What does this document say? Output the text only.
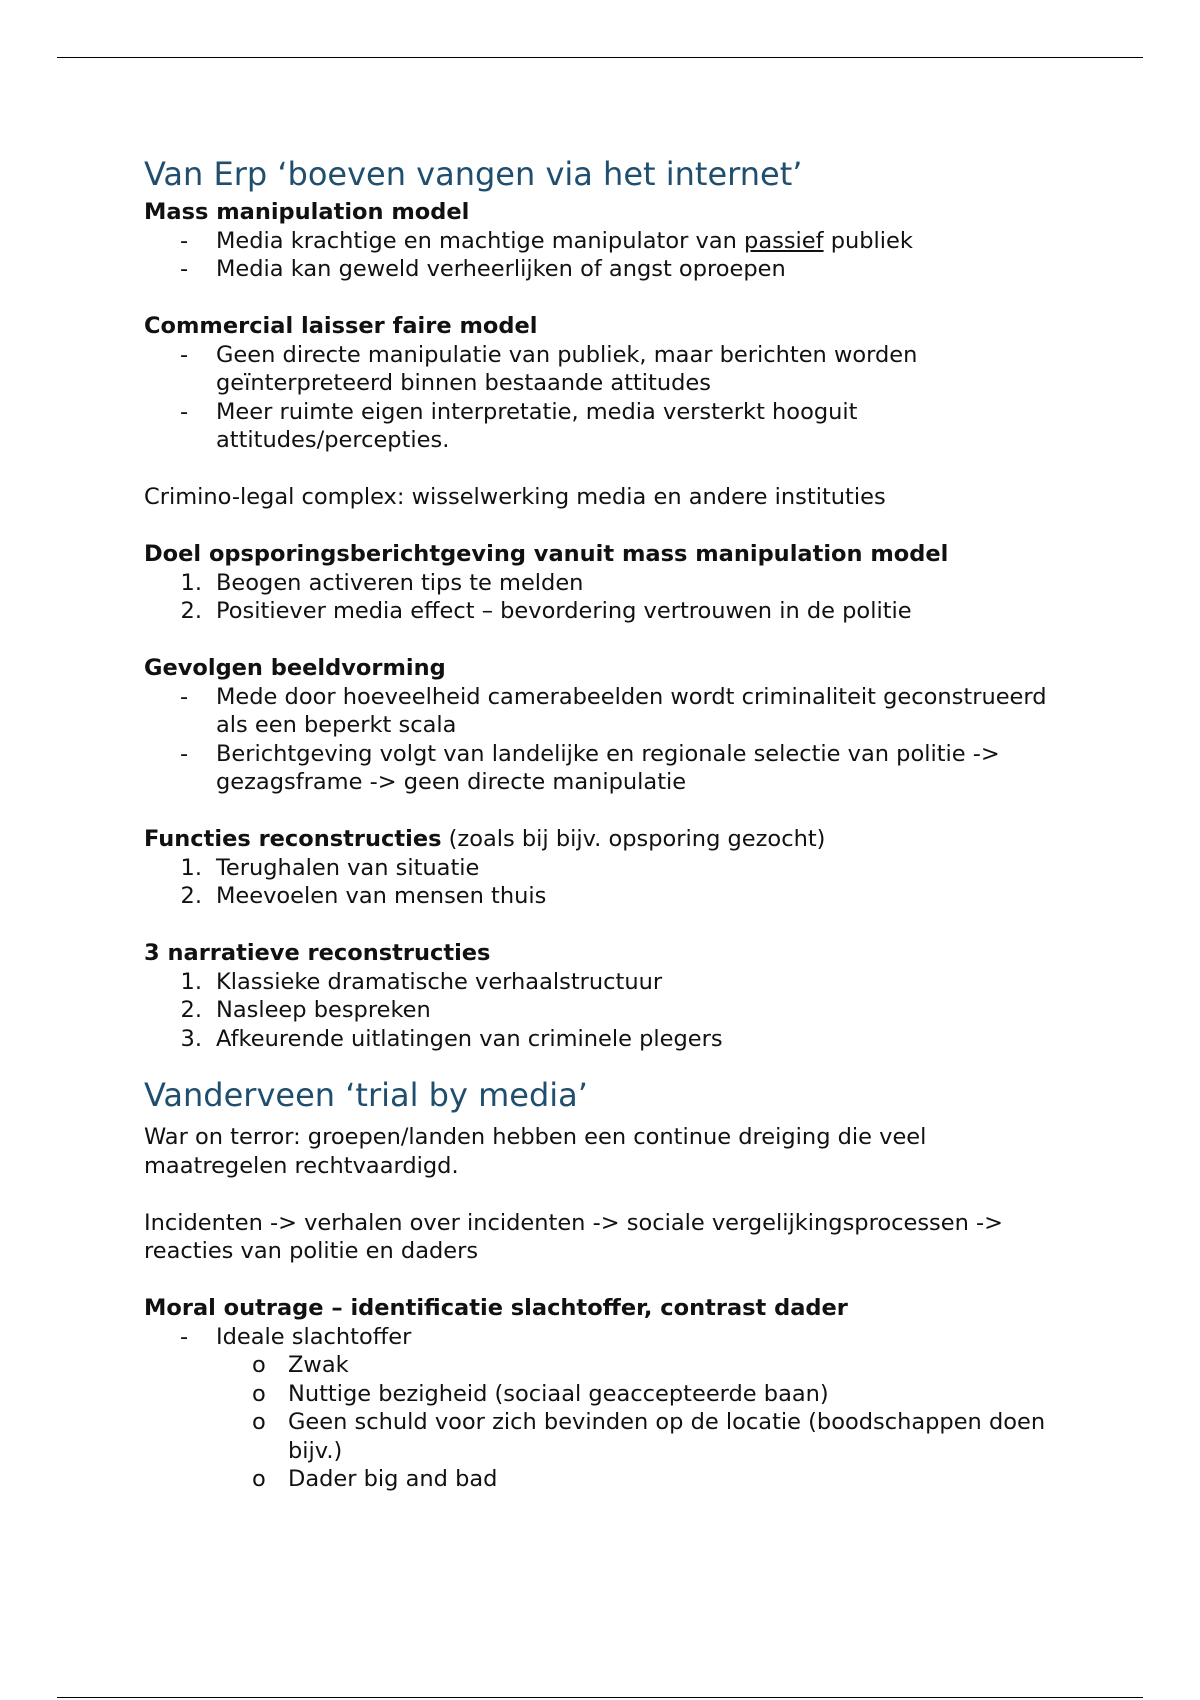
Van Erp ‘boeven vangen via het internet’

Mass manipulation model

-	Media krachtige en machtige manipulator van passief publiek
-	Media kan geweld verheerlijken of angst oproepen

Commercial laisser faire model

-	Geen directe manipulatie van publiek, maar berichten worden geïnterpreteerd binnen bestaande attitudes
-	Meer ruimte eigen interpretatie, media versterkt hooguit attitudes/percepties.

Crimino-legal complex: wisselwerking media en andere instituties

Doel opsporingsberichtgeving vanuit mass manipulation model

1. Beogen activeren tips te melden
2. Positiever media effect – bevordering vertrouwen in de politie

Gevolgen beeldvorming

-	Mede door hoeveelheid camerabeelden wordt criminaliteit geconstrueerd als een beperkt scala
-	Berichtgeving volgt van landelijke en regionale selectie van politie -> gezagsframe -> geen directe manipulatie

Functies reconstructies (zoals bij bijv. opsporing gezocht)

1. Terughalen van situatie
2. Meevoelen van mensen thuis

3 narratieve reconstructies

1. Klassieke dramatische verhaalstructuur
2. Nasleep bespreken
3. Afkeurende uitlatingen van criminele plegers
Vanderveen ‘trial by media’

War on terror: groepen/landen hebben een continue dreiging die veel maatregelen rechtvaardigd.

Incidenten -> verhalen over incidenten -> sociale vergelijkingsprocessen -> reacties van politie en daders

Moral outrage – identificatie slachtoffer, contrast dader

-	Ideale slachtoffer
o Zwak
o Nuttige bezigheid (sociaal geaccepteerde baan)
o Geen schuld voor zich bevinden op de locatie (boodschappen doen bijv.)
o Dader big and bad
